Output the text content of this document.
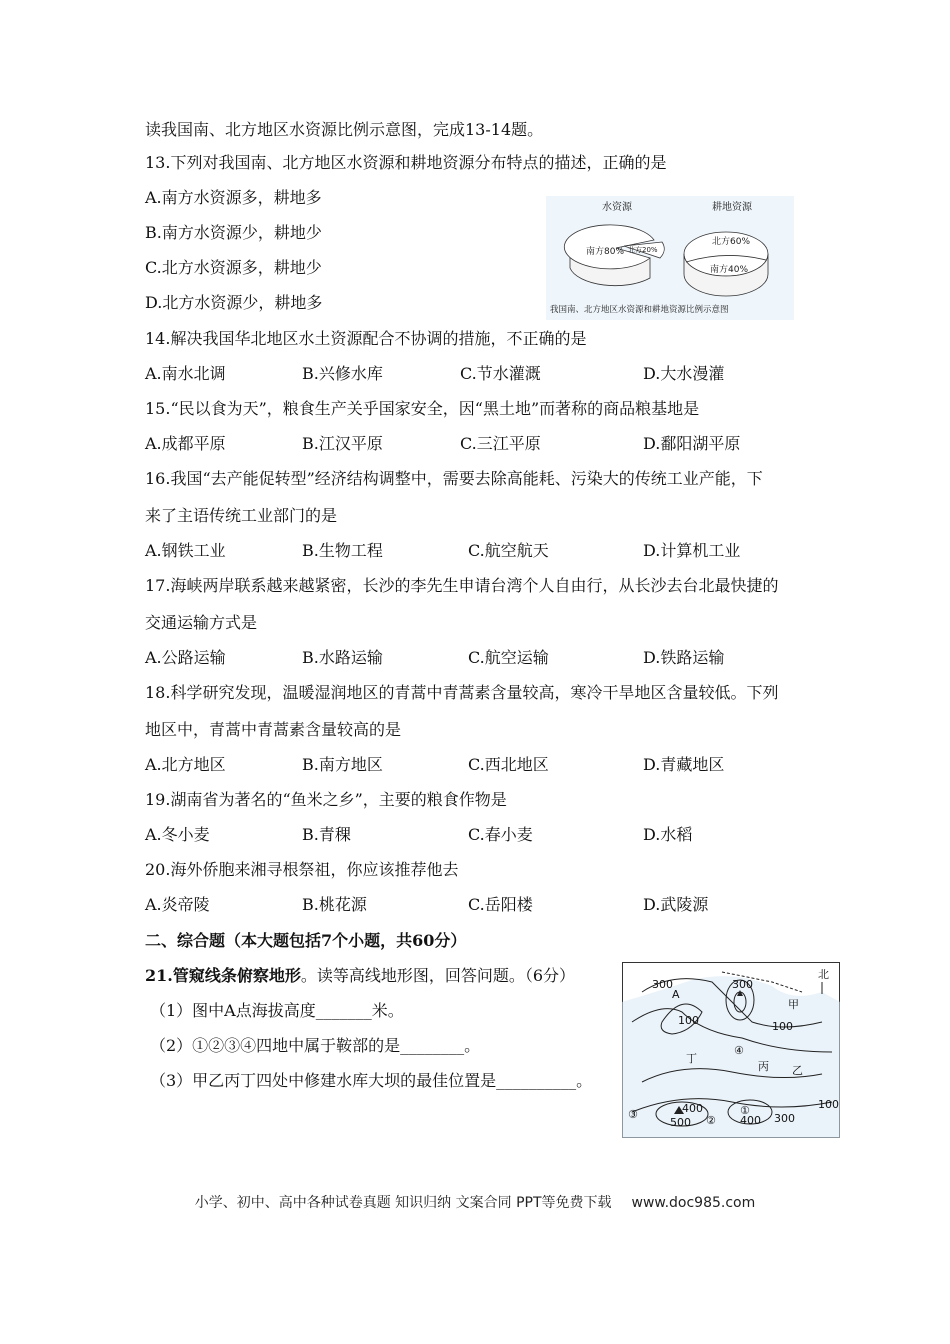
读我国南、北方地区水资源比例示意图，完成13-14题。
13.下列对我国南、北方地区水资源和耕地资源分布特点的描述，正确的是
A.南方水资源多，耕地多
B.南方水资源少，耕地少
C.北方水资源多，耕地少
D.北方水资源少，耕地多
水资源	耕地资源
南方80% 北方20%
北方60%
南方40%
我国南、北方地区水资源和耕地资源比例示意图
14.解决我国华北地区水土资源配合不协调的措施，不正确的是
A.南水北调	B.兴修水库	C.节水灌溉	D.大水漫灌
15.“民以食为天”，粮食生产关乎国家安全，因“黑土地”而著称的商品粮基地是
A.成都平原	B.江汉平原	C.三江平原	D.鄱阳湖平原
16.我国“去产能促转型”经济结构调整中，需要去除高能耗、污染大的传统工业产能，下
来了主语传统工业部门的是
A.钢铁工业	B.生物工程	C.航空航天	D.计算机工业
17.海峡两岸联系越来越紧密，长沙的李先生申请台湾个人自由行，从长沙去台北最快捷的
交通运输方式是
A.公路运输	B.水路运输	C.航空运输	D.铁路运输
18.科学研究发现，温暖湿润地区的青蒿中青蒿素含量较高，寒冷干旱地区含量较低。下列
地区中，青蒿中青蒿素含量较高的是
A.北方地区	B.南方地区	C.西北地区	D.青藏地区
19.湖南省为著名的“鱼米之乡”，主要的粮食作物是
A.冬小麦	B.青稞	C.春小麦	D.水稻
20.海外侨胞来湘寻根祭祖，你应该推荐他去
A.炎帝陵	B.桃花源	C.岳阳楼	D.武陵源
二、综合题（本大题包括7个小题，共60分）
21.管窥线条俯察地形。读等高线地形图，回答问题。（6分）
（1）图中A点海拔高度_______米。
（2）①②③④四地中属于鞍部的是________。
（3）甲乙丙丁四处中修建水库大坝的最佳位置是__________。
北
A
300	300
100	100
100
400
400 300
500
甲
乙
丙
丁
①
②
③
④
小学、初中、高中各种试卷真题 知识归纳 文案合同 PPT等免费下载 www.doc985.com
